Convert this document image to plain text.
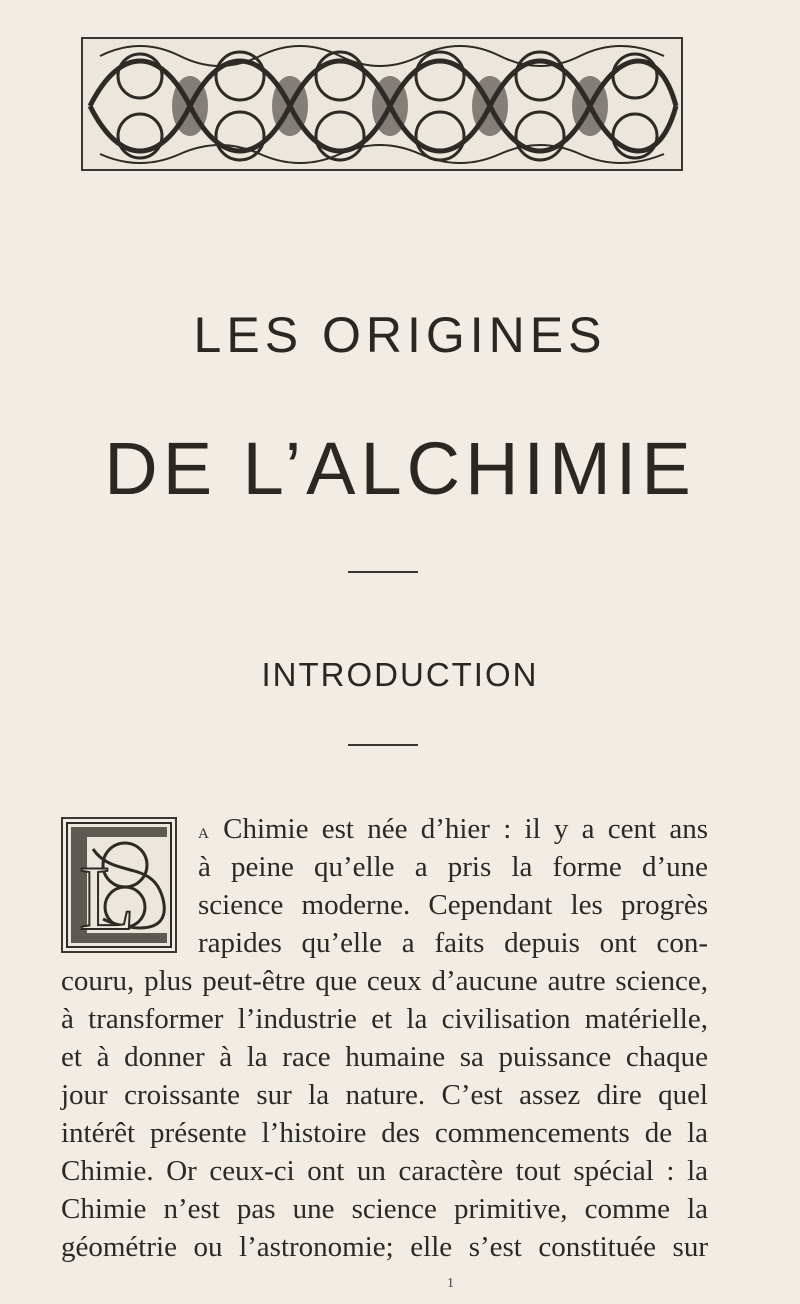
LES ORIGINES
DE L’ALCHIMIE
INTRODUCTION
L
a Chimie est née d’hier : il y a cent ans
à peine qu’elle a pris la forme d’une
science moderne. Cependant les progrès
rapides qu’elle a faits depuis ont con-
couru, plus peut-être que ceux d’aucune autre science,
à transformer l’industrie et la civilisation matérielle,
et à donner à la race humaine sa puissance chaque
jour croissante sur la nature. C’est assez dire quel
intérêt présente l’histoire des commencements de la
Chimie. Or ceux-ci ont un caractère tout spécial : la
Chimie n’est pas une science primitive, comme la
géométrie ou l’astronomie; elle s’est constituée sur
1
